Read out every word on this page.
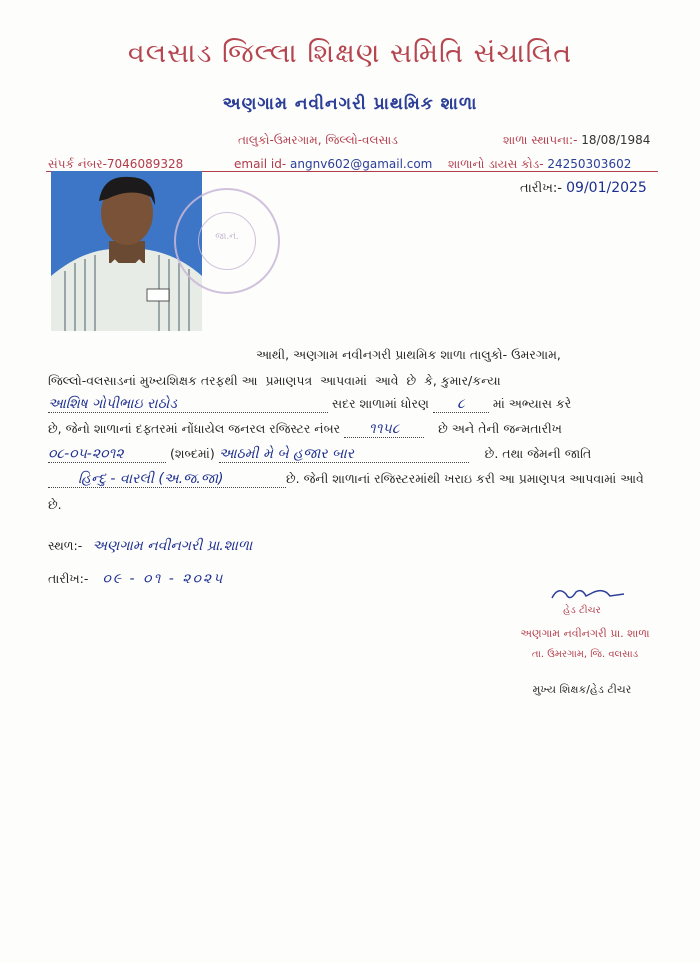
વલસાડ જિલ્લા શિક્ષણ સમિતિ સંચાલિત
અણગામ નવીનગરી પ્રાથમિક શાળા
તાલુકો-ઉમરગામ, જિલ્લો-વલસાડ	શાળા સ્થાપના:- 18/08/1984
સંપર્ક નંબર-7046089328	email id- angnv602@gamail.com શાળાનો ડાયસ કોડ- 24250303602
તારીખ:- 09/01/2025
જા.નં.
આથી, અણગામ નવીનગરી પ્રાથમિક શાળા તાલુકો- ઉમરગામ,
જિલ્લો-વલસાડનાં મુખ્યશિક્ષક તરફથી આ  પ્રમાણપત્ર  આપવામાં  આવે  છે  કે, કુમાર/કન્યા
આશિષ ગોપીભાઇ રાઠોડ	સદર શાળામાં ધોરણ ૮ માં અભ્યાસ કરે
છે, જેનો શાળાનાં દફ્તરમાં નોંધાયેલ જનરલ રજિસ્ટર નંબર ૧૧૫૮	છે અને તેની જન્મતારીખ
૦૮-૦૫-૨૦૧૨	(શબ્દમાં) આઠમી મે બે હજાર બાર	છે. તથા જેમની જાતિ
હિન્દુ - વારલી (અ.જ.જા)	છે. જેની શાળાનાં રજિસ્ટરમાંથી ખરાઇ કરી આ પ્રમાણપત્ર આપવામાં આવે
છે.
સ્થળ:- અણગામ નવીનગરી પ્રા.શાળા
તારીખ:- ૦૯ - ૦૧ - ૨૦૨૫
હેડ ટીચર
અણગામ નવીનગરી પ્રા. શાળા
તા. ઉમરગામ, જિ. વલસાડ
મુખ્ય શિક્ષક/હેડ ટીચર
